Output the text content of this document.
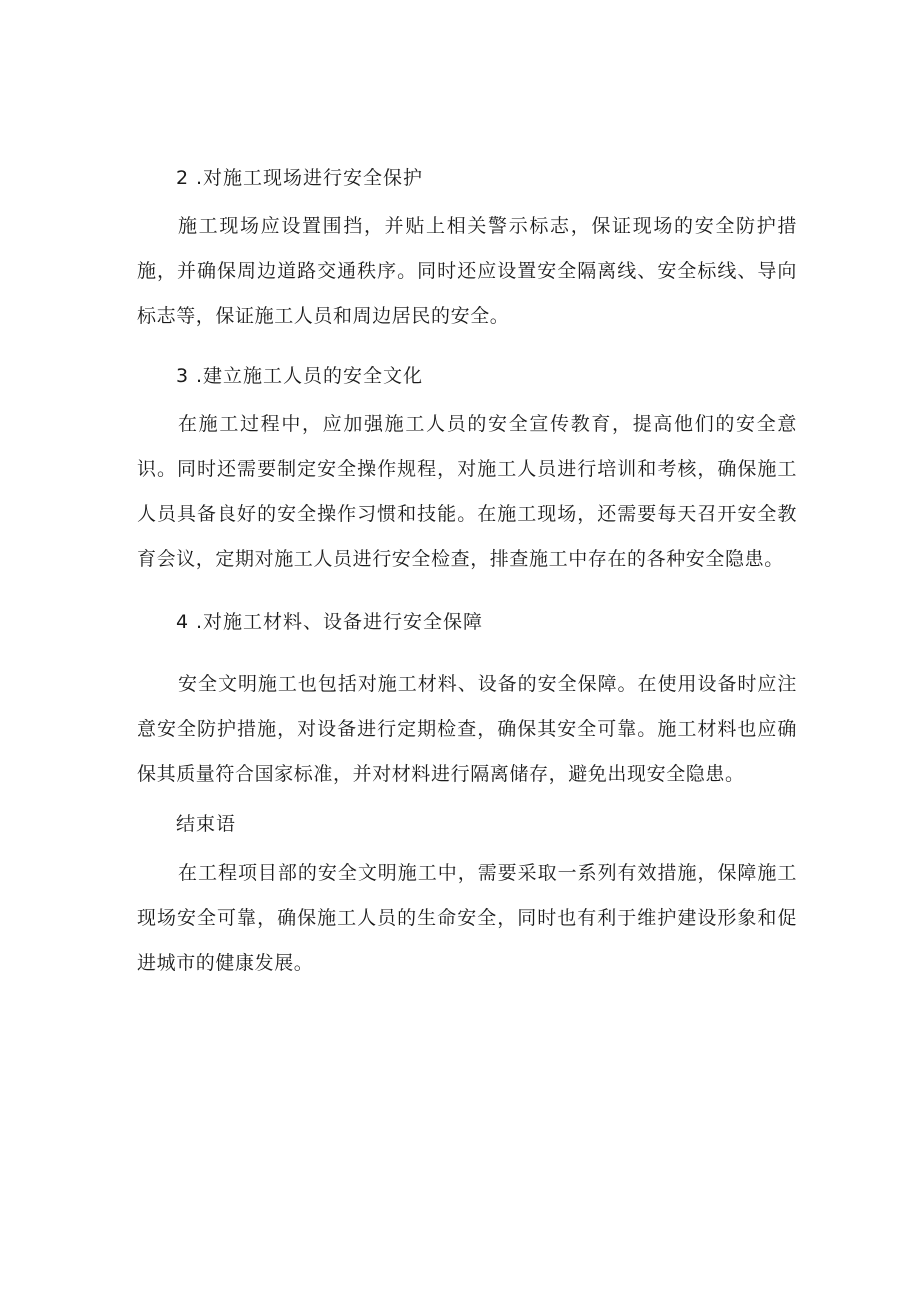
2 .对施工现场进行安全保护

施工现场应设置围挡，并贴上相关警示标志，保证现场的安全防护措施，并确保周边道路交通秩序。同时还应设置安全隔离线、安全标线、导向标志等，保证施工人员和周边居民的安全。

3 .建立施工人员的安全文化

在施工过程中，应加强施工人员的安全宣传教育，提高他们的安全意识。同时还需要制定安全操作规程，对施工人员进行培训和考核，确保施工人员具备良好的安全操作习惯和技能。在施工现场，还需要每天召开安全教育会议，定期对施工人员进行安全检查，排查施工中存在的各种安全隐患。

4 .对施工材料、设备进行安全保障

安全文明施工也包括对施工材料、设备的安全保障。在使用设备时应注意安全防护措施，对设备进行定期检查，确保其安全可靠。施工材料也应确保其质量符合国家标准，并对材料进行隔离储存，避免出现安全隐患。

结束语

在工程项目部的安全文明施工中，需要采取一系列有效措施，保障施工现场安全可靠，确保施工人员的生命安全，同时也有利于维护建设形象和促进城市的健康发展。
